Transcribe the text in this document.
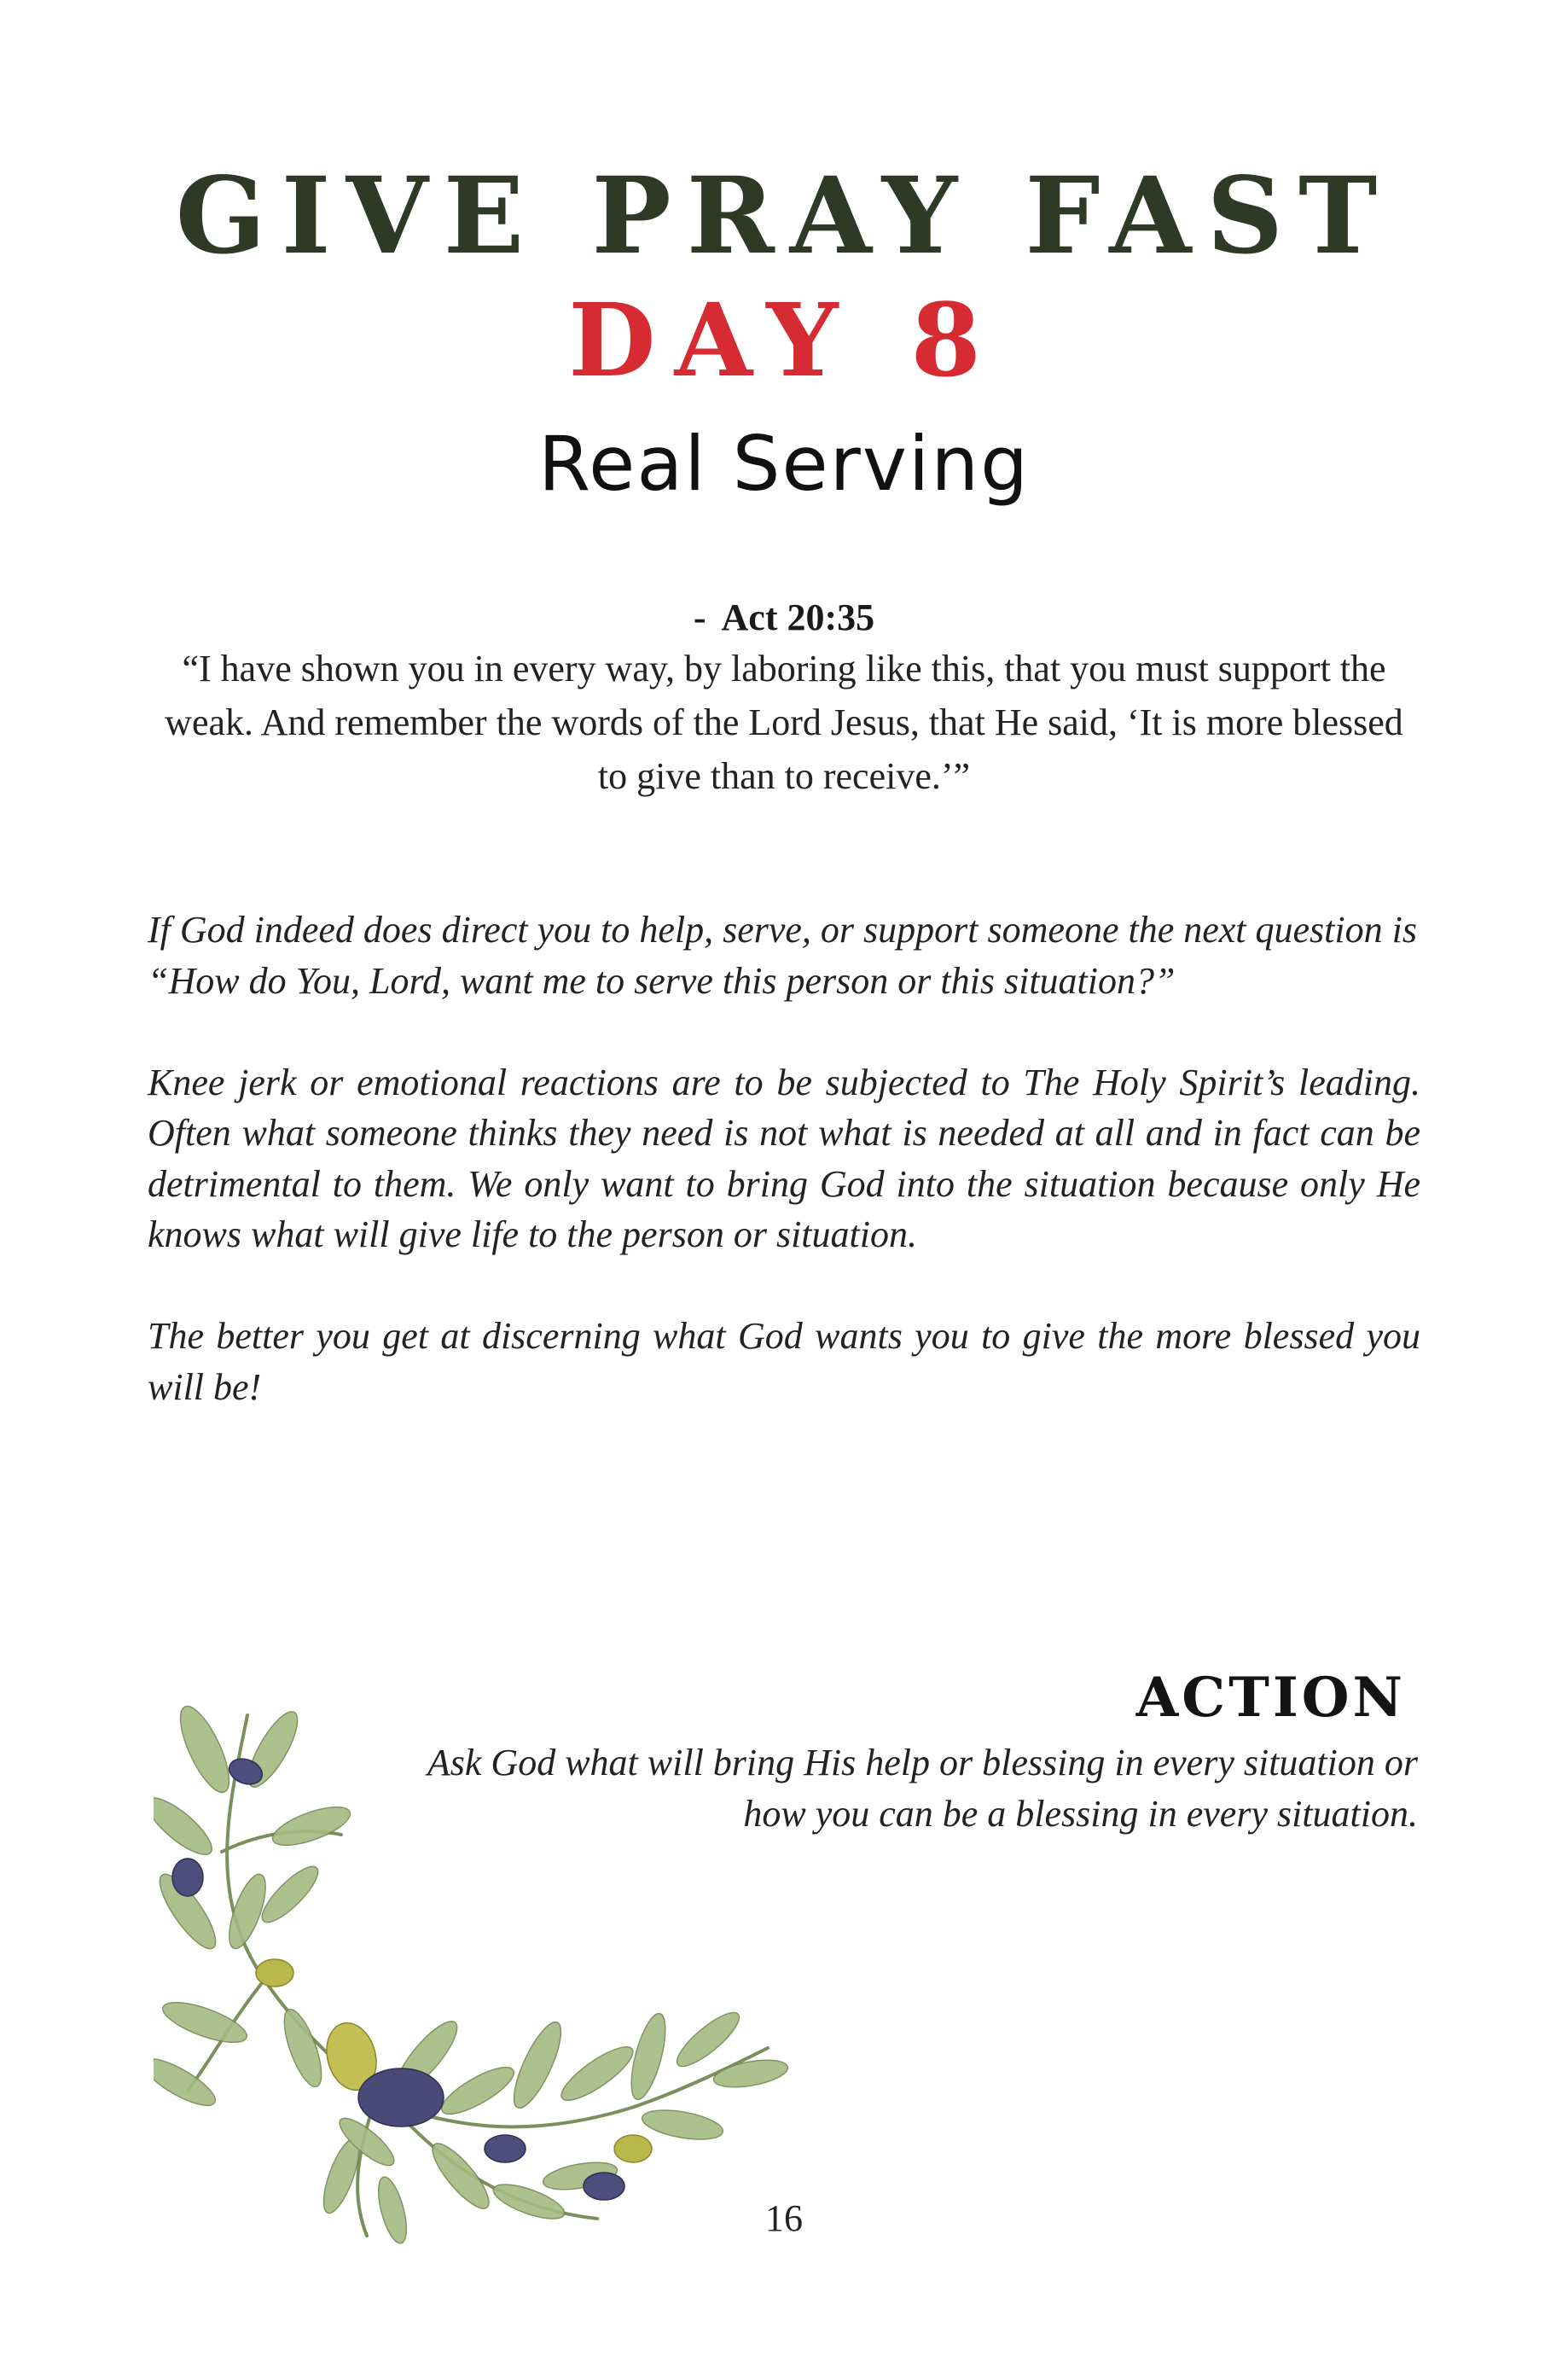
GIVE PRAY FAST
DAY 8
Real Serving
- Act 20:35
“I have shown you in every way, by laboring like this, that you must support the weak. And remember the words of the Lord Jesus, that He said, ‘It is more blessed to give than to receive.’”

If God indeed does direct you to help, serve, or support someone the next question is

“How do You, Lord, want me to serve this person or this situation?”

Knee jerk or emotional reactions are to be subjected to The Holy Spirit’s leading. Often what someone thinks they need is not what is needed at all and in fact can be detrimental to them. We only want to bring God into the situation because only He knows what will give life to the person or situation.

The better you get at discerning what God wants you to give the more blessed you will be!

ACTION
Ask God what will bring His help or blessing in every situation or
how you can be a blessing in every situation.
16
